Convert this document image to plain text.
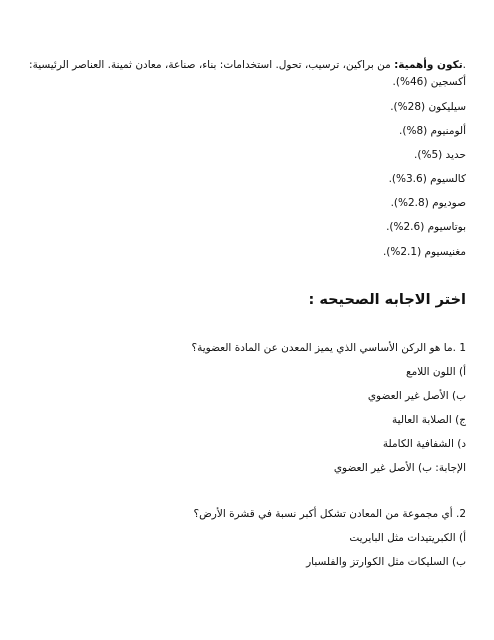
.تكون وأهمية: من براكين، ترسيب، تحول. استخدامات: بناء، صناعة، معادن ثمينة. العناصر الرئيسية:
أكسجين (46%).
سيليكون (28%).
ألومنيوم (8%).
حديد (5%).
كالسيوم (3.6%).
صوديوم (2.8%).
بوتاسيوم (2.6%).
مغنيسيوم (2.1%).
اختر الاجابه الصحيحه :
1 .ما هو الركن الأساسي الذي يميز المعدن عن المادة العضوية؟
أ) اللون اللامع
ب) الأصل غير العضوي
ج) الصلابة العالية
د) الشفافية الكاملة
الإجابة: ب) الأصل غير العضوي
2. أي مجموعة من المعادن تشكل أكبر نسبة في قشرة الأرض؟
أ) الكبريتيدات مثل البايريت
ب) السليكات مثل الكوارتز والفلسبار
